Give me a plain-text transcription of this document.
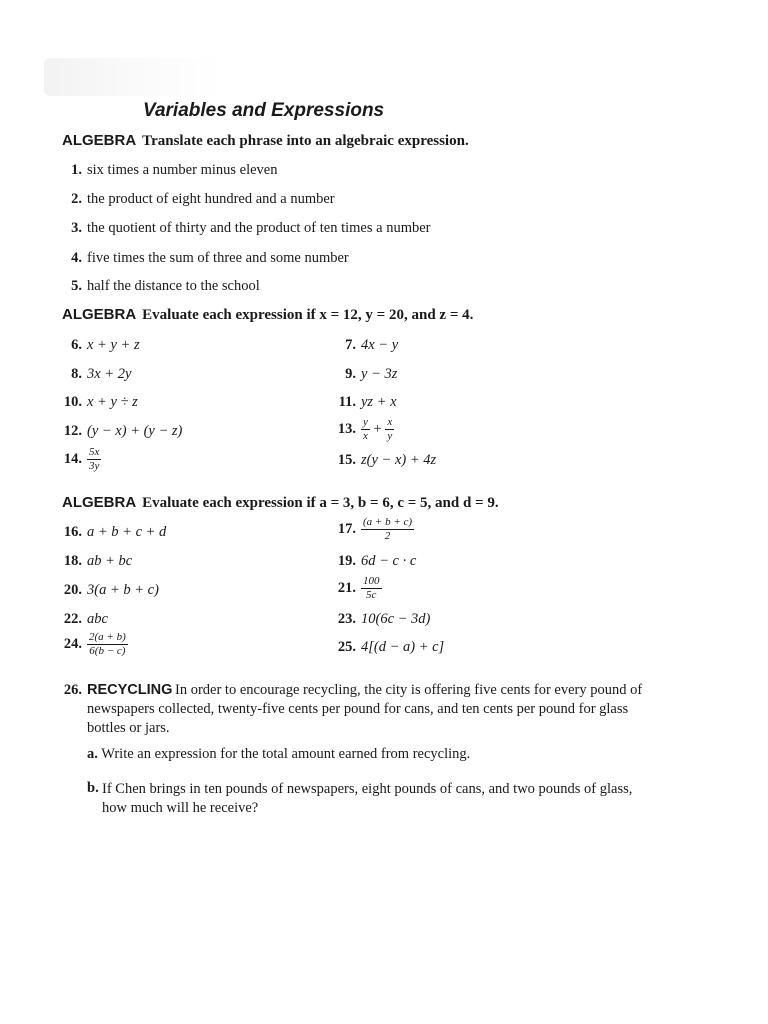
Variables and Expressions
ALGEBRA Translate each phrase into an algebraic expression.
1. six times a number minus eleven
2. the product of eight hundred and a number
3. the quotient of thirty and the product of ten times a number
4. five times the sum of three and some number
5. half the distance to the school
ALGEBRA Evaluate each expression if x = 12, y = 20, and z = 4.
6. x + y + z	7. 4x − y
8. 3x + 2y	9. y − 3z
10. x + y ÷ z	11. yz + x
12. (y − x) + (y − z)	13. $\frac{y}{x} + \frac{x}{y}$
14. $\frac{5x}{3y}$	15. z(y − x) + 4z
ALGEBRA Evaluate each expression if a = 3, b = 6, c = 5, and d = 9.
16. a + b + c + d	17. $\frac{(a + b + c)}{2}$
18. ab + bc	19. 6d − c · c
20. 3(a + b + c)	21. $\frac{100}{5c}$
22. abc	23. 10(6c − 3d)
24. $\frac{2(a + b)}{6(b - c)}$	25. 4[(d − a) + c]
26. RECYCLING In order to encourage recycling, the city is offering five cents for every pound of newspapers collected, twenty-five cents per pound for cans, and ten cents per pound for glass bottles or jars.
a. Write an expression for the total amount earned from recycling.
b. If Chen brings in ten pounds of newspapers, eight pounds of cans, and two pounds of glass, how much will he receive?
